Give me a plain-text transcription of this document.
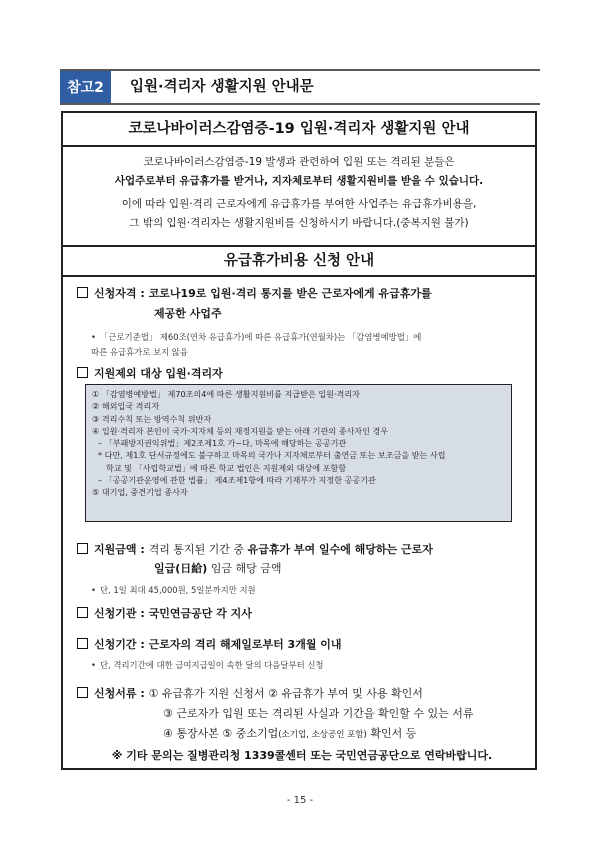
참고2	입원·격리자 생활지원 안내문
코로나바이러스감염증-19 입원·격리자 생활지원 안내
코로나바이러스감염증-19 발생과 관련하여 입원 또는 격리된 분들은
사업주로부터 유급휴가를 받거나, 지자체로부터 생활지원비를 받을 수 있습니다.
이에 따라 입원·격리 근로자에게 유급휴가를 부여한 사업주는 유급휴가비용을,
그 밖의 입원·격리자는 생활지원비를 신청하시기 바랍니다.(중복지원 불가)
유급휴가비용 신청 안내
신청자격 : 코로나19로 입원·격리 통지를 받은 근로자에게 유급휴가를
제공한 사업주
• 「근로기준법」 제60조(연차 유급휴가)에 따른 유급휴가(연월차)는 「감염병예방법」에
따른 유급휴가로 보지 않음
지원제외 대상 입원·격리자
① 「감염병예방법」 제70조의4에 따른 생활지원비를 지급받은 입원·격리자
② 해외입국 격리자
③ 격리수칙 또는 방역수칙 위반자
④ 입원·격리자 본인이 국가·지자체 등의 재정지원을 받는 아래 기관의 종사자인 경우
– 「부패방지권익위법」제2조제1호 가~다, 마목에 해당하는 공공기관
* 다만, 제1호 단서규정에도 불구하고 마목의 국가나 지자체로부터 출연금 또는 보조금을 받는 사립
학교 및 「사립학교법」에 따른 학교 법인은 지원제외 대상에 포함함
– 「공공기관운영에 관한 법률」 제4조제1항에 따라 기재부가 지정한 공공기관
⑤ 대기업, 중견기업 종사자
지원금액 : 격리 통지된 기간 중 유급휴가 부여 일수에 해당하는 근로자
일급(日給) 임금 해당 금액
• 단, 1일 최대 45,000원, 5일분까지만 지원
신청기관 : 국민연금공단 각 지사
신청기간 : 근로자의 격리 해제일로부터 3개월 이내
• 단, 격리기간에 대한 급여지급일이 속한 달의 다음달부터 신청
신청서류 : ① 유급휴가 지원 신청서 ② 유급휴가 부여 및 사용 확인서
③ 근로자가 입원 또는 격리된 사실과 기간을 확인할 수 있는 서류
④ 통장사본 ⑤ 중소기업(소기업, 소상공인 포함) 확인서 등
※ 기타 문의는 질병관리청 1339콜센터 또는 국민연금공단으로 연락바랍니다.
- 15 -
